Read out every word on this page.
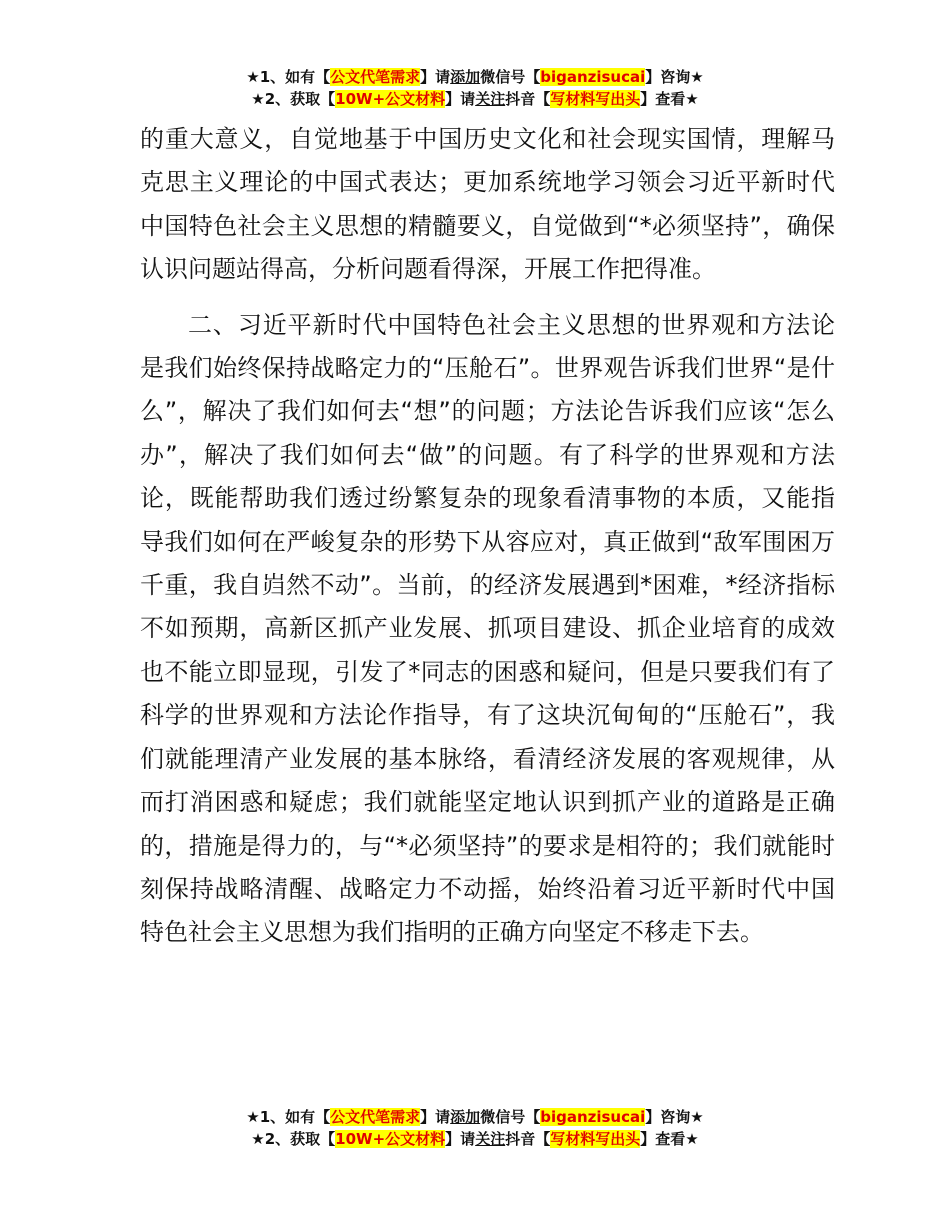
★1、如有【公文代笔需求】请添加微信号【biganzisucai】咨询★
★2、获取【10W+公文材料】请关注抖音【写材料写出头】查看★

的重大意义，自觉地基于中国历史文化和社会现实国情，理解马克思主义理论的中国式表达；更加系统地学习领会习近平新时代中国特色社会主义思想的精髓要义，自觉做到“*必须坚持”，确保认识问题站得高，分析问题看得深，开展工作把得准。

二、习近平新时代中国特色社会主义思想的世界观和方法论是我们始终保持战略定力的“压舱石”。世界观告诉我们世界“是什么”，解决了我们如何去“想”的问题；方法论告诉我们应该“怎么办”，解决了我们如何去“做”的问题。有了科学的世界观和方法论，既能帮助我们透过纷繁复杂的现象看清事物的本质，又能指导我们如何在严峻复杂的形势下从容应对，真正做到“敌军围困万千重，我自岿然不动”。当前，的经济发展遇到*困难，*经济指标不如预期，高新区抓产业发展、抓项目建设、抓企业培育的成效也不能立即显现，引发了*同志的困惑和疑问，但是只要我们有了科学的世界观和方法论作指导，有了这块沉甸甸的“压舱石”，我们就能理清产业发展的基本脉络，看清经济发展的客观规律，从而打消困惑和疑虑；我们就能坚定地认识到抓产业的道路是正确的，措施是得力的，与“*必须坚持”的要求是相符的；我们就能时刻保持战略清醒、战略定力不动摇，始终沿着习近平新时代中国特色社会主义思想为我们指明的正确方向坚定不移走下去。

★1、如有【公文代笔需求】请添加微信号【biganzisucai】咨询★
★2、获取【10W+公文材料】请关注抖音【写材料写出头】查看★
